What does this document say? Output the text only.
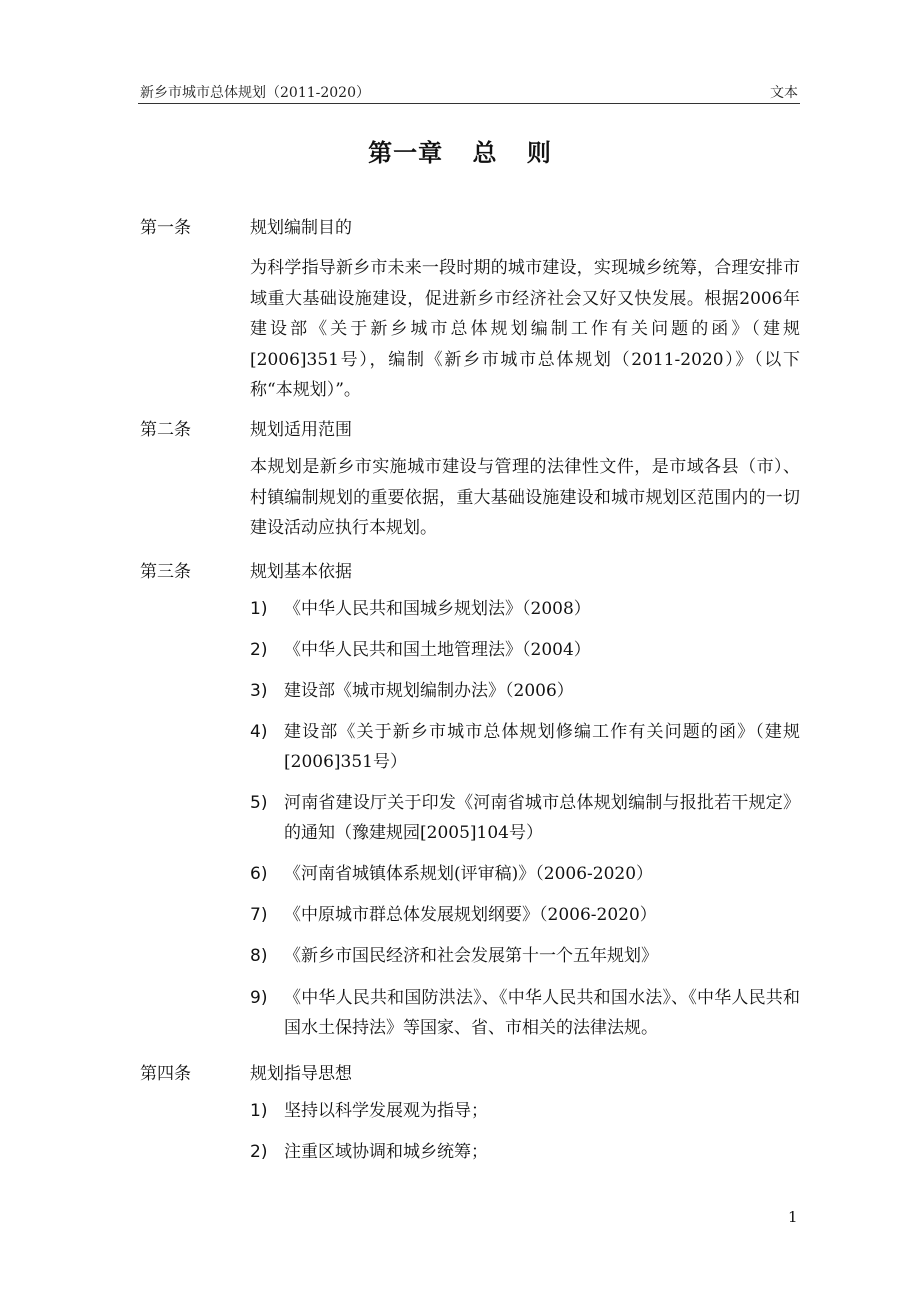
新乡市城市总体规划（2011-2020）	文本
第一章 总 则
第一条	规划编制目的
为科学指导新乡市未来一段时期的城市建设，实现城乡统筹，合理安排市域重大基础设施建设，促进新乡市经济社会又好又快发展。根据2006年建设部《关于新乡城市总体规划编制工作有关问题的函》（建规[2006]351号），编制《新乡市城市总体规划（2011-2020）》（以下称“本规划）”。
第二条	规划适用范围
本规划是新乡市实施城市建设与管理的法律性文件，是市域各县（市）、村镇编制规划的重要依据，重大基础设施建设和城市规划区范围内的一切建设活动应执行本规划。
第三条	规划基本依据
1) 《中华人民共和国城乡规划法》（2008）
2) 《中华人民共和国土地管理法》（2004）
3) 建设部《城市规划编制办法》（2006）
4) 建设部《关于新乡市城市总体规划修编工作有关问题的函》（建规[2006]351号）
5) 河南省建设厅关于印发《河南省城市总体规划编制与报批若干规定》的通知（豫建规园[2005]104号）
6) 《河南省城镇体系规划(评审稿)》（2006-2020）
7) 《中原城市群总体发展规划纲要》（2006-2020）
8) 《新乡市国民经济和社会发展第十一个五年规划》
9) 《中华人民共和国防洪法》、《中华人民共和国水法》、《中华人民共和国水土保持法》等国家、省、市相关的法律法规。
第四条	规划指导思想
1) 坚持以科学发展观为指导；
2) 注重区域协调和城乡统筹；
1
